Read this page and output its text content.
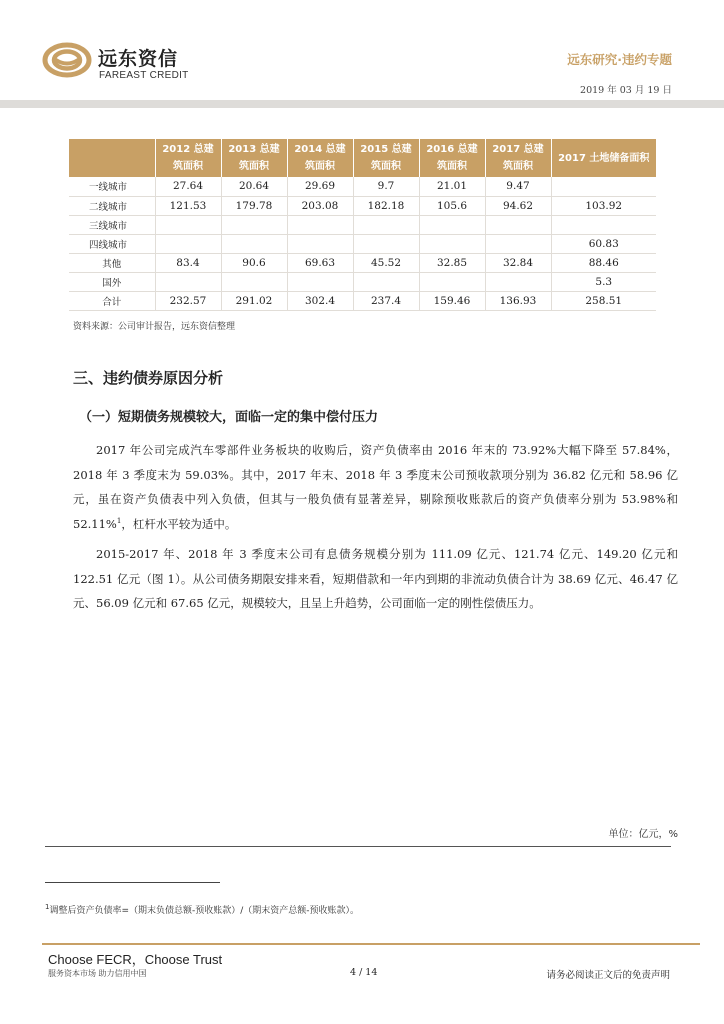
远东资信
FAREAST CREDIT
远东研究·违约专题
2019 年 03 月 19 日
	2012 总建筑面积	2013 总建筑面积	2014 总建筑面积	2015 总建筑面积	2016 总建筑面积	2017 总建筑面积	2017 土地储备面积
一线城市	27.64	20.64	29.69	9.7	21.01	9.47	
二线城市	121.53	179.78	203.08	182.18	105.6	94.62	103.92
三线城市							
四线城市							60.83
其他	83.4	90.6	69.63	45.52	32.85	32.84	88.46
国外							5.3
合计	232.57	291.02	302.4	237.4	159.46	136.93	258.51
资料来源：公司审计报告，远东资信整理
三、违约债券原因分析
（一）短期债务规模较大，面临一定的集中偿付压力

2017 年公司完成汽车零部件业务板块的收购后，资产负债率由 2016 年末的 73.92%大幅下降至 57.84%，2018 年 3 季度末为 59.03%。其中，2017 年末、2018 年 3 季度末公司预收款项分别为 36.82 亿元和 58.96 亿元，虽在资产负债表中列入负债，但其与一般负债有显著差异，剔除预收账款后的资产负债率分别为 53.98%和 52.11%$^1$，杠杆水平较为适中。

2015-2017 年、2018 年 3 季度末公司有息债务规模分别为 111.09 亿元、121.74 亿元、149.20 亿元和 122.51 亿元（图 1）。从公司债务期限安排来看，短期借款和一年内到期的非流动负债合计为 38.69 亿元、46.47 亿元、56.09 亿元和 67.65 亿元，规模较大，且呈上升趋势，公司面临一定的刚性偿债压力。

单位：亿元，%
$^1$调整后资产负债率=（期末负债总额-预收账款）/（期末资产总额-预收账款）。
Choose FECR，Choose Trust
服务资本市场 助力信用中国	4 / 14	请务必阅读正文后的免责声明
